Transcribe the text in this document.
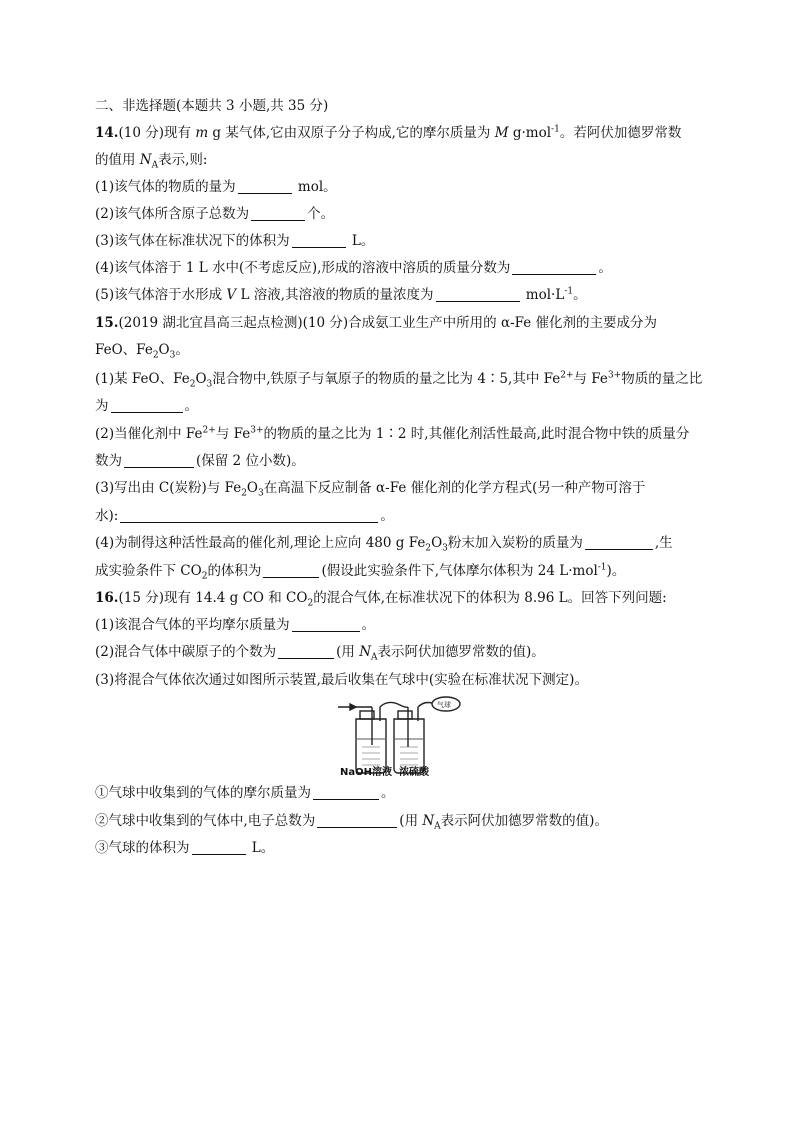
二、非选择题(本题共 3 小题,共 35 分)
14.(10 分)现有 m g 某气体,它由双原子分子构成,它的摩尔质量为 M g·mol$^{-1}$。若阿伏加德罗常数
的值用 $N_A$表示,则:
(1)该气体的物质的量为	mol。
(2)该气体所含原子总数为	个。
(3)该气体在标准状况下的体积为	L。
(4)该气体溶于 1 L 水中(不考虑反应),形成的溶液中溶质的质量分数为	。
(5)该气体溶于水形成 V L 溶液,其溶液的物质的量浓度为	$mol\cdot L^{-1}$。
15.(2019 湖北宜昌高三起点检测)(10 分)合成氨工业生产中所用的 α-Fe 催化剂的主要成分为
FeO、$Fe_2O_3$。
(1)某 FeO、$Fe_2O_3$混合物中,铁原子与氧原子的物质的量之比为 4∶5,其中 $Fe^{2+}$与 $Fe^{3+}$物质的量之比
为	。
(2)当催化剂中 $Fe^{2+}$与 $Fe^{3+}$的物质的量之比为 1∶2 时,其催化剂活性最高,此时混合物中铁的质量分
数为	(保留 2 位小数)。
(3)写出由 C(炭粉)与 $Fe_2O_3$在高温下反应制备 α-Fe 催化剂的化学方程式(另一种产物可溶于
水):	。
(4)为制得这种活性最高的催化剂,理论上应向 480 g $Fe_2O_3$粉末加入炭粉的质量为	,生
成实验条件下 $CO_2$的体积为	(假设此实验条件下,气体摩尔体积为 24 L·mol$^{-1}$)。
16.(15 分)现有 14.4 g CO 和 $CO_2$的混合气体,在标准状况下的体积为 8.96 L。回答下列问题:
(1)该混合气体的平均摩尔质量为	。
(2)混合气体中碳原子的个数为	(用 $N_A$表示阿伏加德罗常数的值)。
(3)将混合气体依次通过如图所示装置,最后收集在气球中(实验在标准状况下测定)。
气球
NaOH溶液 浓硫酸
①气球中收集到的气体的摩尔质量为	。
②气球中收集到的气体中,电子总数为	(用 $N_A$表示阿伏加德罗常数的值)。
③气球的体积为	L。
